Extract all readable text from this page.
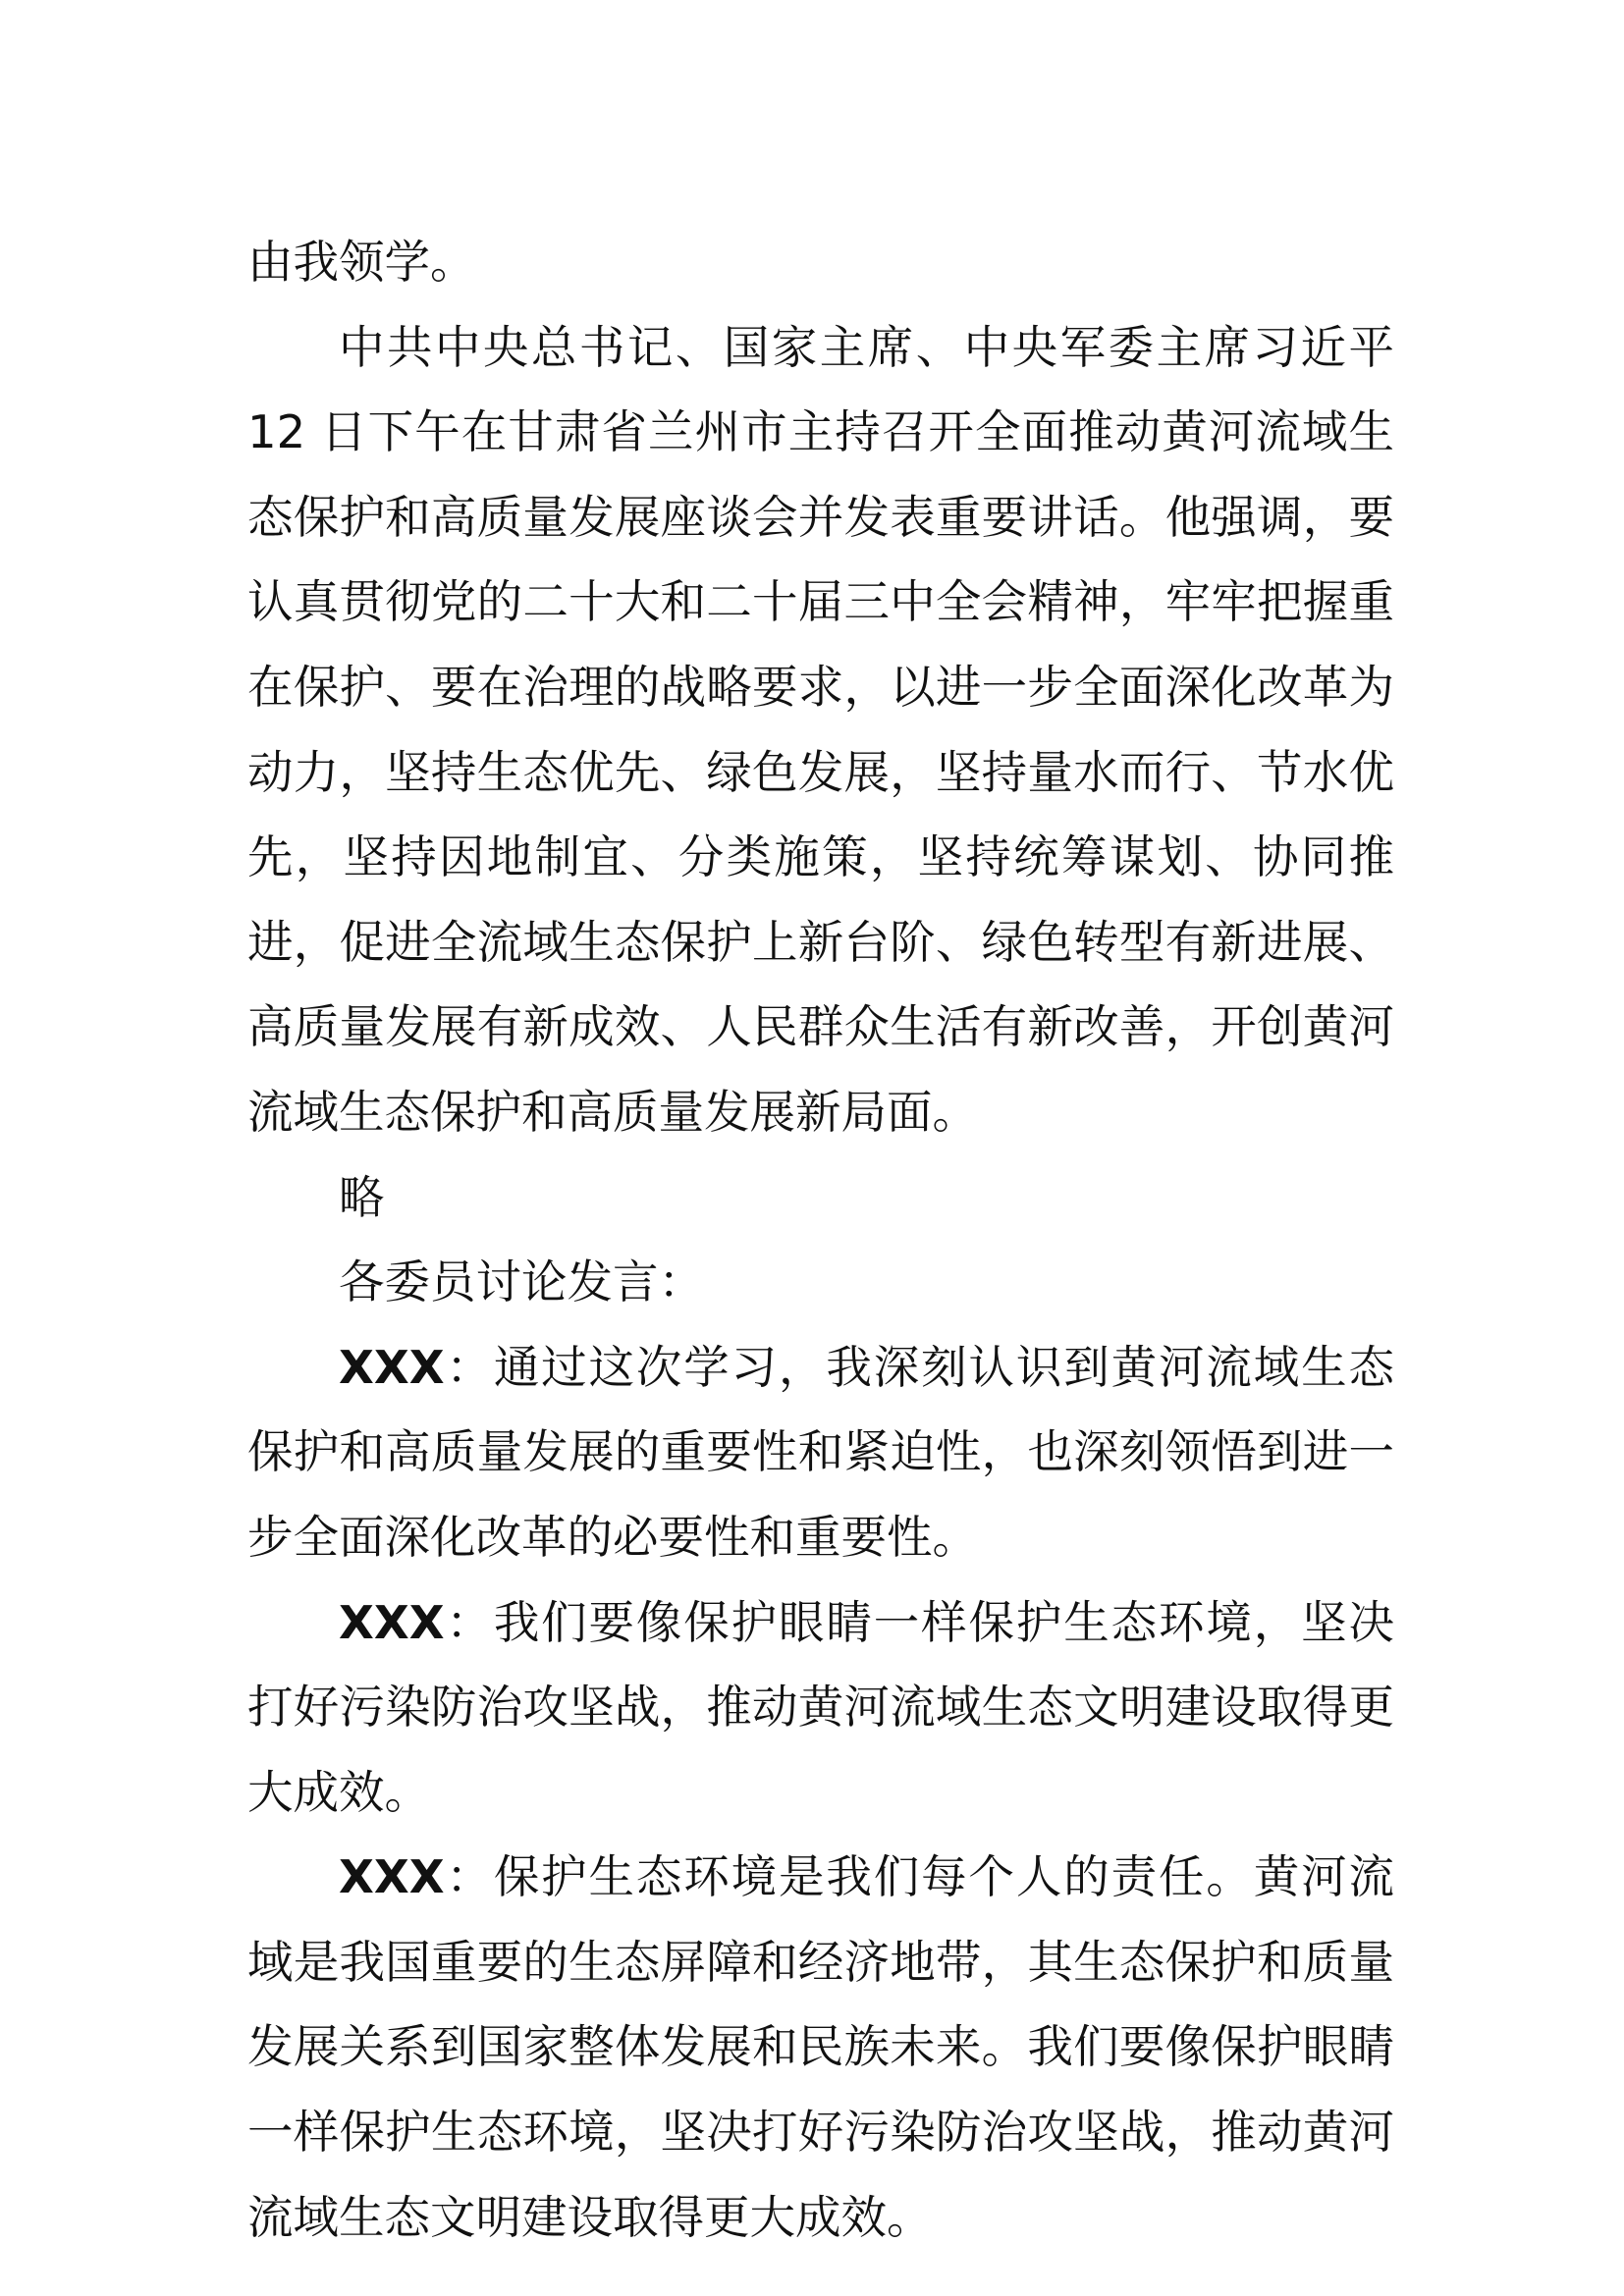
由我领学。

中共中央总书记、国家主席、中央军委主席习近平 12 日下午在甘肃省兰州市主持召开全面推动黄河流域生态保护和高质量发展座谈会并发表重要讲话。他强调，要认真贯彻党的二十大和二十届三中全会精神，牢牢把握重在保护、要在治理的战略要求，以进一步全面深化改革为动力，坚持生态优先、绿色发展，坚持量水而行、节水优先，坚持因地制宜、分类施策，坚持统筹谋划、协同推进，促进全流域生态保护上新台阶、绿色转型有新进展、高质量发展有新成效、人民群众生活有新改善，开创黄河流域生态保护和高质量发展新局面。

略

各委员讨论发言：

XXX：通过这次学习，我深刻认识到黄河流域生态保护和高质量发展的重要性和紧迫性，也深刻领悟到进一步全面深化改革的必要性和重要性。

XXX：我们要像保护眼睛一样保护生态环境，坚决打好污染防治攻坚战，推动黄河流域生态文明建设取得更大成效。

XXX：保护生态环境是我们每个人的责任。黄河流域是我国重要的生态屏障和经济地带，其生态保护和质量发展关系到国家整体发展和民族未来。我们要像保护眼睛一样保护生态环境，坚决打好污染防治攻坚战，推动黄河流域生态文明建设取得更大成效。
